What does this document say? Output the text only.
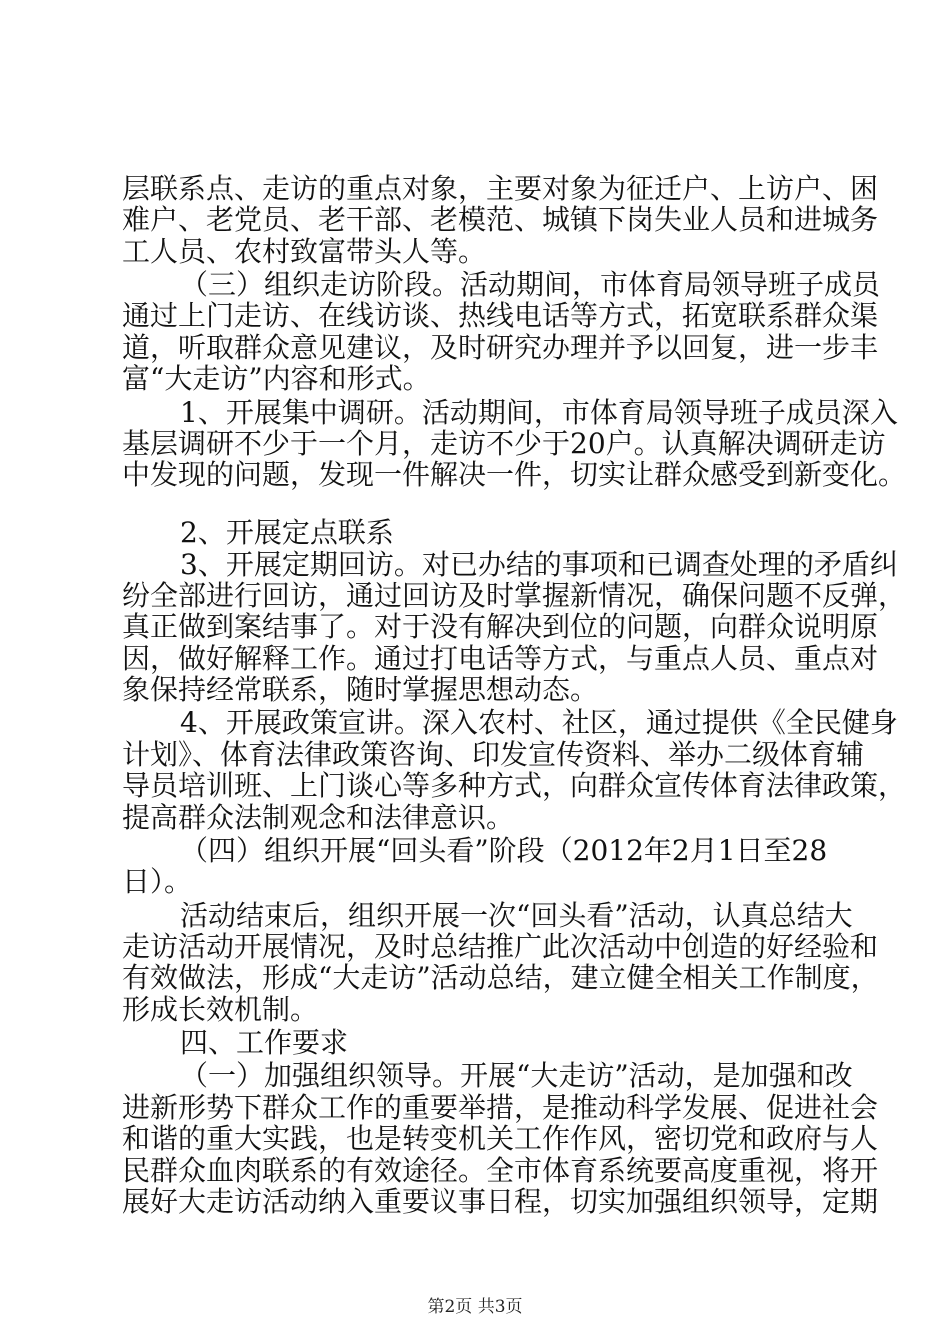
层联系点、走访的重点对象，主要对象为征迁户、上访户、困
难户、老党员、老干部、老模范、城镇下岗失业人员和进城务
工人员、农村致富带头人等。
（三）组织走访阶段。活动期间，市体育局领导班子成员
通过上门走访、在线访谈、热线电话等方式，拓宽联系群众渠
道，听取群众意见建议，及时研究办理并予以回复，进一步丰
富“大走访”内容和形式。
1、开展集中调研。活动期间，市体育局领导班子成员深入
基层调研不少于一个月，走访不少于20户。认真解决调研走访
中发现的问题，发现一件解决一件，切实让群众感受到新变化。
2、开展定点联系
3、开展定期回访。对已办结的事项和已调查处理的矛盾纠
纷全部进行回访，通过回访及时掌握新情况，确保问题不反弹，
真正做到案结事了。对于没有解决到位的问题，向群众说明原
因，做好解释工作。通过打电话等方式，与重点人员、重点对
象保持经常联系，随时掌握思想动态。
4、开展政策宣讲。深入农村、社区，通过提供《全民健身
计划》、体育法律政策咨询、印发宣传资料、举办二级体育辅
导员培训班、上门谈心等多种方式，向群众宣传体育法律政策，
提高群众法制观念和法律意识。
（四）组织开展“回头看”阶段（2012年2月1日至28
日）。
活动结束后，组织开展一次“回头看”活动，认真总结大
走访活动开展情况，及时总结推广此次活动中创造的好经验和
有效做法，形成“大走访”活动总结，建立健全相关工作制度，
形成长效机制。
四、工作要求
（一）加强组织领导。开展“大走访”活动，是加强和改
进新形势下群众工作的重要举措，是推动科学发展、促进社会
和谐的重大实践，也是转变机关工作作风，密切党和政府与人
民群众血肉联系的有效途径。全市体育系统要高度重视，将开
展好大走访活动纳入重要议事日程，切实加强组织领导，定期
第2页 共3页
